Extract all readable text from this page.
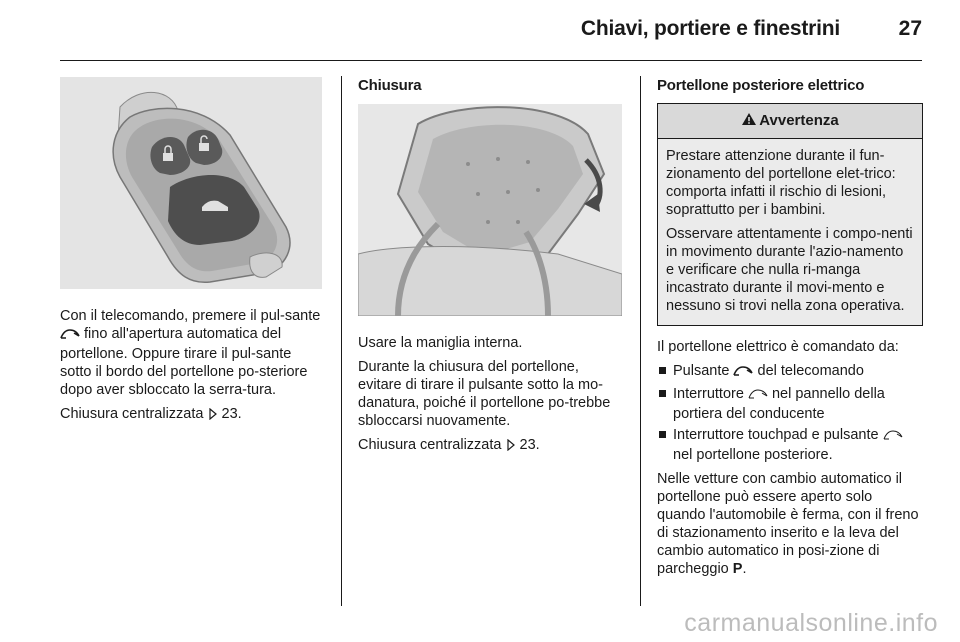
Chiavi, portiere e finestrini	27

Con il telecomando, premere il pul-sante  fino all'apertura automatica del portellone. Oppure tirare il pul-sante sotto il bordo del portellone po-steriore dopo aver sbloccato la serra-tura.

Chiusura centralizzata 23.

Chiusura

Usare la maniglia interna.

Durante la chiusura del portellone, evitare di tirare il pulsante sotto la mo-danatura, poiché il portellone po-trebbe sbloccarsi nuovamente.

Chiusura centralizzata 23.

Portellone posteriore elettrico
Avvertenza

Prestare attenzione durante il fun-zionamento del portellone elet-trico: comporta infatti il rischio di lesioni, soprattutto per i bambini.

Osservare attentamente i compo-nenti in movimento durante l'azio-namento e verificare che nulla ri-manga incastrato durante il movi-mento e nessuno si trovi nella zona operativa.

Il portellone elettrico è comandato da:

Pulsante del telecomando
Interruttore nel pannello della portiera del conducente
Interruttore touchpad e pulsante  nel portellone posteriore.

Nelle vetture con cambio automatico il portellone può essere aperto solo quando l'automobile è ferma, con il freno di stazionamento inserito e la leva del cambio automatico in posi-zione di parcheggio P.

carmanualsonline.info
